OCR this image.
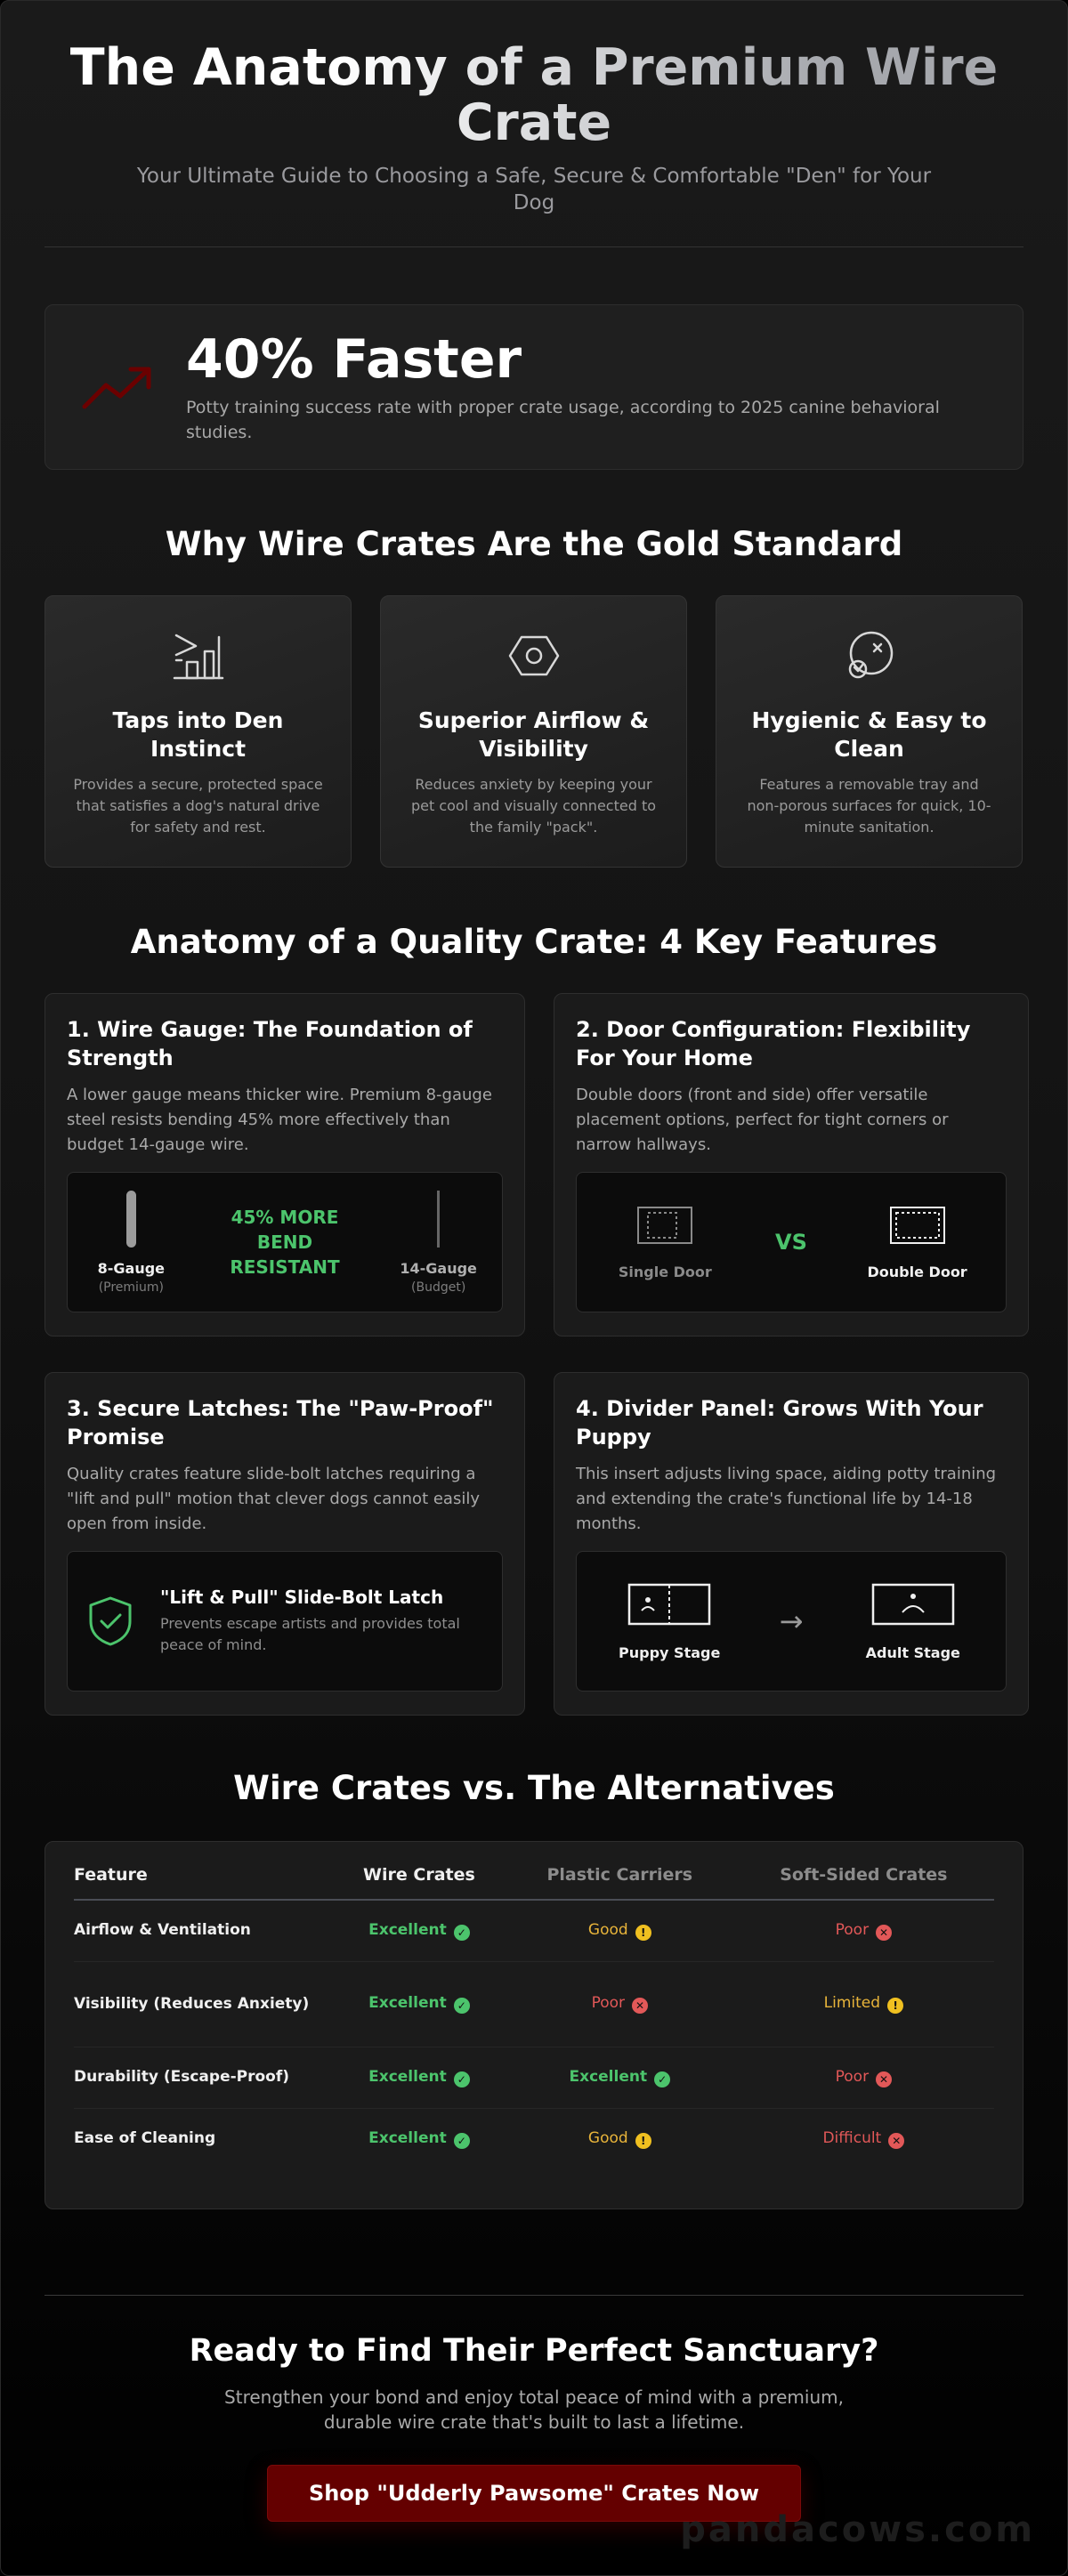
The Anatomy of a Premium Wire Crate

Your Ultimate Guide to Choosing a Safe, Secure & Comfortable "Den" for Your Dog

40% Faster
Potty training success rate with proper crate usage, according to 2025 canine behavioral studies.
Why Wire Crates Are the Gold Standard
Taps into Den Instinct
Provides a secure, protected space that satisfies a dog's natural drive for safety and rest.
Superior Airflow & Visibility
Reduces anxiety by keeping your pet cool and visually connected to the family "pack".
Hygienic & Easy to Clean
Features a removable tray and non-porous surfaces for quick, 10-minute sanitation.
Anatomy of a Quality Crate: 4 Key Features
1. Wire Gauge: The Foundation of Strength
A lower gauge means thicker wire. Premium 8-gauge steel resists bending 45% more effectively than budget 14-gauge wire.
8-Gauge
(Premium)
45% MORE BEND RESISTANT	14-Gauge
(Budget)
2. Door Configuration: Flexibility For Your Home
Double doors (front and side) offer versatile placement options, perfect for tight corners or narrow hallways.
Single Door
VS
Double Door
3. Secure Latches: The "Paw-Proof" Promise
Quality crates feature slide-bolt latches requiring a "lift and pull" motion that clever dogs cannot easily open from inside.
"Lift & Pull" Slide-Bolt Latch
Prevents escape artists and provides total peace of mind.
4. Divider Panel: Grows With Your Puppy
This insert adjusts living space, aiding potty training and extending the crate's functional life by 14-18 months.
Puppy Stage
→
Adult Stage
Wire Crates vs. The Alternatives
Feature	Wire Crates	Plastic Carriers	Soft-Sided Crates
Airflow & Ventilation	Excellent ✓	Good !	Poor ✕
Visibility (Reduces Anxiety)	Excellent ✓	Poor ✕	Limited !
Durability (Escape-Proof)	Excellent ✓	Excellent ✓	Poor ✕
Ease of Cleaning	Excellent ✓	Good !	Difficult ✕
Ready to Find Their Perfect Sanctuary?
Strengthen your bond and enjoy total peace of mind with a premium, durable wire crate that's built to last a lifetime.
Shop "Udderly Pawsome" Crates Now
pandacows.com
